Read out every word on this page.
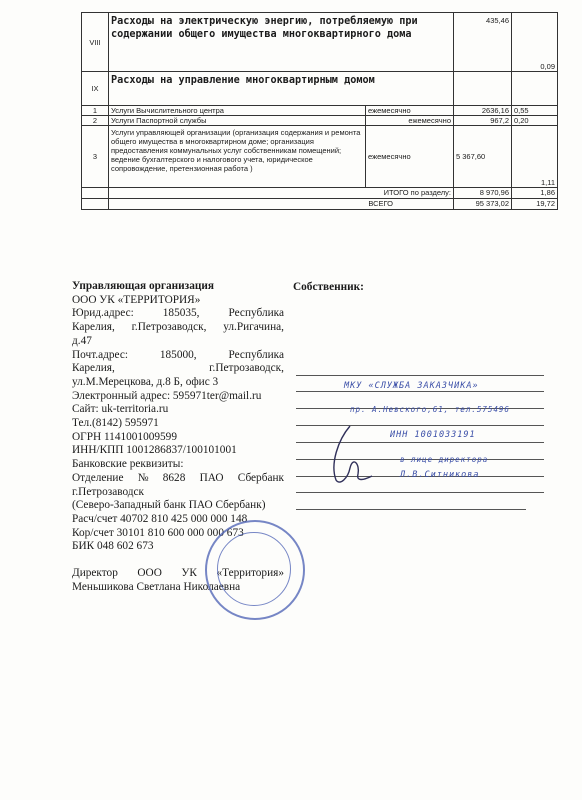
VIII	Расходы на электрическую энергию, потребляемую при содержании общего имущества многоквартирного дома		435,46	0,09
IX	Расходы на управление многоквартирным домом			
1	Услуги Вычислительного центра	ежемесячно	2636,16	0,55
2	Услуги Паспортной службы	ежемесячно	967,2	0,20
3	Услуги управляющей организации (организация содержания и ремонта общего имущества в многоквартирном доме; организация предоставления коммунальных услуг собственникам помещений; ведение бухгалтерского и налогового учета, юридическое сопровождение, претензионная работа )	ежемесячно	5 367,60	1,11
	ИТОГО по разделу:		8 970,96	1,86
	ВСЕГО		95 373,02	19,72
Управляющая организация
ООО УК «ТЕРРИТОРИЯ»
Юрид.адрес:	185035,	Республика
Карелия, г.Петрозаводск, ул.Ригачина,
д.47
Почт.адрес:	185000,	Республика
Карелия,	г.Петрозаводск,
ул.М.Мерецкова, д.8 Б, офис 3
Электронный адрес: 595971ter@mail.ru
Сайт: uk-territoria.ru
Тел.(8142) 595971
ОГРН 1141001009599
ИНН/КПП 1001286837/100101001
Банковские реквизиты:
Отделение № 8628 ПАО Сбербанк
г.Петрозаводск
(Северо-Западный банк ПАО Сбербанк)
Расч/счет 40702 810 425 000 000 148
Кор/счет 30101 810 600 000 000 673
БИК 048 602 673
Директор ООО УК «Территория»
Меньшикова Светлана Николаевна
Собственник:
МКУ «СЛУЖБА ЗАКАЗЧИКА»
пр. А.Невского,61, тел.575496
ИНН 1001033191
в лице директора
Л.В.Ситникова
